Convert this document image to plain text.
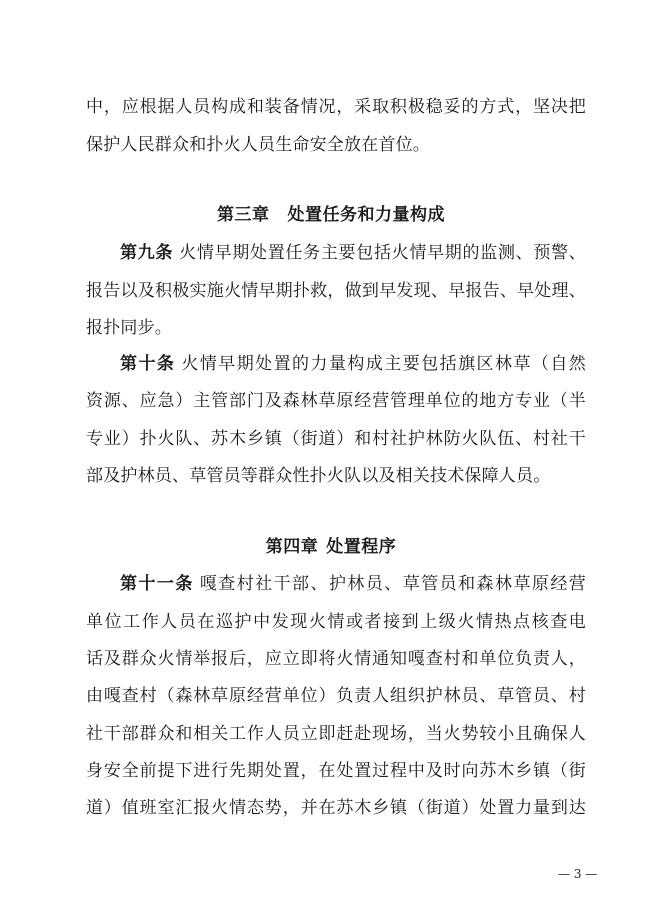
中，应根据人员构成和装备情况，采取积极稳妥的方式，坚决把
保护人民群众和扑火人员生命安全放在首位。
第三章 处置任务和力量构成
第九条 火情早期处置任务主要包括火情早期的监测、预警、
报告以及积极实施火情早期扑救，做到早发现、早报告、早处理、
报扑同步。
第十条 火情早期处置的力量构成主要包括旗区林草（自然
资源、应急）主管部门及森林草原经营管理单位的地方专业（半
专业）扑火队、苏木乡镇（街道）和村社护林防火队伍、村社干
部及护林员、草管员等群众性扑火队以及相关技术保障人员。
第四章 处置程序
第十一条 嘎查村社干部、护林员、草管员和森林草原经营
单位工作人员在巡护中发现火情或者接到上级火情热点核查电
话及群众火情举报后，应立即将火情通知嘎查村和单位负责人，
由嘎查村（森林草原经营单位）负责人组织护林员、草管员、村
社干部群众和相关工作人员立即赶赴现场，当火势较小且确保人
身安全前提下进行先期处置，在处置过程中及时向苏木乡镇（街
道）值班室汇报火情态势，并在苏木乡镇（街道）处置力量到达
— 3 —
